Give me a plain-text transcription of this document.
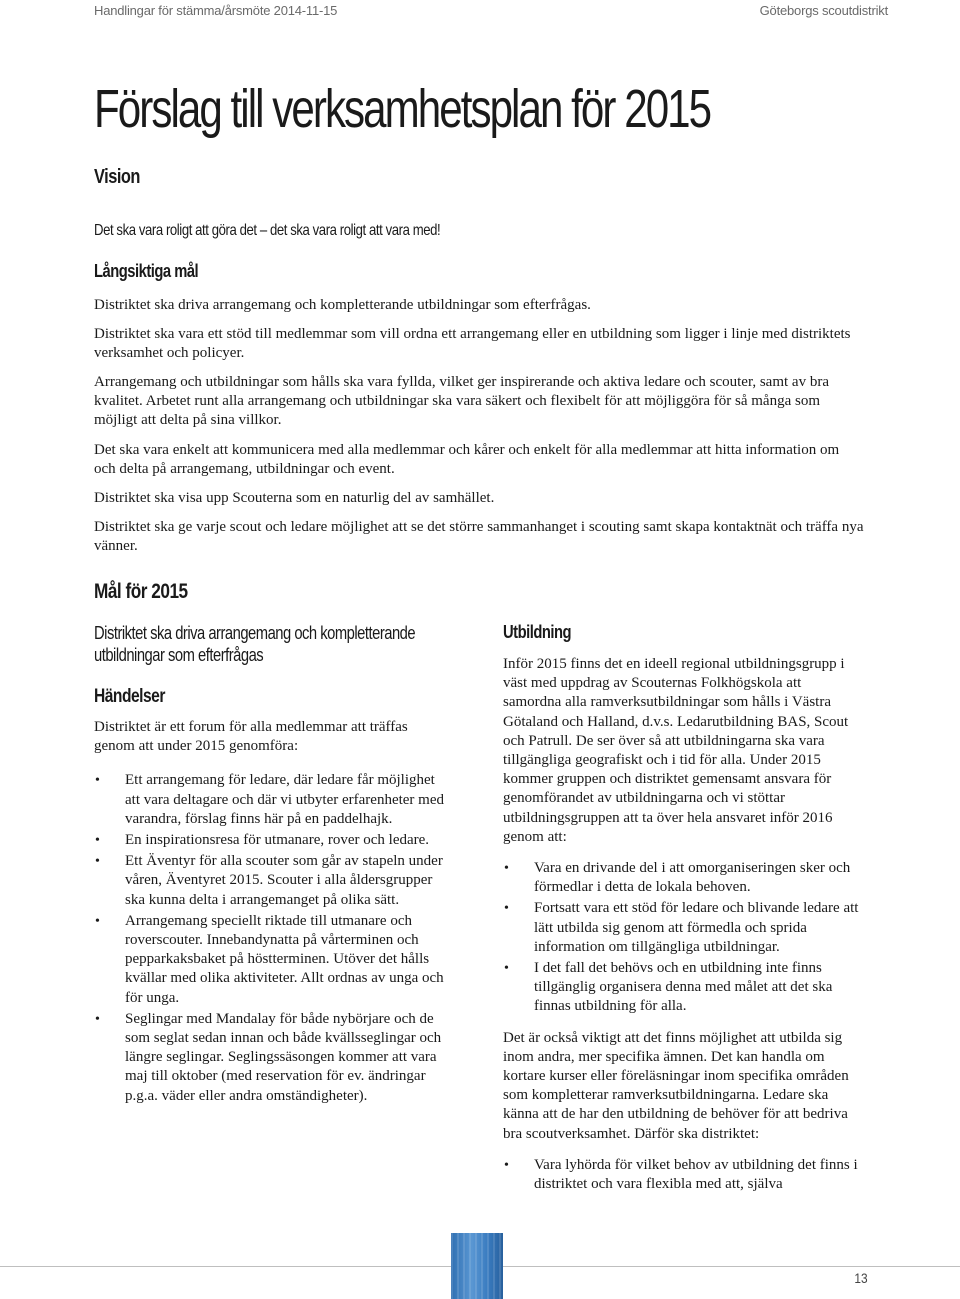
Handlingar för stämma/årsmöte 2014-11-15	Göteborgs scoutdistrikt
Förslag till verksamhetsplan för 2015
Vision

Det ska vara roligt att göra det – det ska vara roligt att vara med!

Långsiktiga mål

Distriktet ska driva arrangemang och kompletterande utbildningar som efterfrågas.

Distriktet ska vara ett stöd till medlemmar som vill ordna ett arrangemang eller en utbildning som ligger i linje med distriktets verksamhet och policyer.

Arrangemang och utbildningar som hålls ska vara fyllda, vilket ger inspirerande och aktiva ledare och scouter, samt av bra kvalitet. Arbetet runt alla arrangemang och utbildningar ska vara säkert och flexibelt för att möjliggöra för så många som möjligt att delta på sina villkor.

Det ska vara enkelt att kommunicera med alla medlemmar och kårer och enkelt för alla medlemmar att hitta information om och delta på arrangemang, utbildningar och event.

Distriktet ska visa upp Scouterna som en naturlig del av samhället.

Distriktet ska ge varje scout och ledare möjlighet att se det större sammanhanget i scouting samt skapa kontaktnät och träffa nya vänner.

Mål för 2015

Distriktet ska driva arrangemang och kompletterande

utbildningar som efterfrågas

Händelser

Distriktet är ett forum för alla medlemmar att träffas genom att under 2015 genomföra:

• Ett arrangemang för ledare, där ledare får möjlighet att vara deltagare och där vi utbyter erfarenheter med varandra, förslag finns här på en paddelhajk.
• En inspirationsresa för utmanare, rover och ledare.
• Ett Äventyr för alla scouter som går av stapeln under våren, Äventyret 2015. Scouter i alla åldersgrupper ska kunna delta i arrangemanget på olika sätt.
• Arrangemang speciellt riktade till utmanare och roverscouter. Innebandynatta på vårterminen och pepparkaksbaket på höstterminen. Utöver det hålls kvällar med olika aktiviteter. Allt ordnas av unga och för unga.
• Seglingar med Mandalay för både nybörjare och de som seglat sedan innan och både kvällsseglingar och längre seglingar. Seglingssäsongen kommer att vara maj till oktober (med reservation för ev. ändringar p.g.a. väder eller andra omständigheter).

Utbildning

Inför 2015 finns det en ideell regional utbildningsgrupp i väst med uppdrag av Scouternas Folkhögskola att samordna alla ramverksutbildningar som hålls i Västra Götaland och Halland, d.v.s. Ledarutbildning BAS, Scout och Patrull. De ser över så att utbildningarna ska vara tillgängliga geografiskt och i tid för alla. Under 2015 kommer gruppen och distriktet gemensamt ansvara för genomförandet av utbildningarna och vi stöttar utbildningsgruppen att ta över hela ansvaret inför 2016 genom att:

• Vara en drivande del i att omorganiseringen sker och förmedlar i detta de lokala behoven.
• Fortsatt vara ett stöd för ledare och blivande ledare att lätt utbilda sig genom att förmedla och sprida information om tillgängliga utbildningar.
• I det fall det behövs och en utbildning inte finns tillgänglig organisera denna med målet att det ska finnas utbildning för alla.

Det är också viktigt att det finns möjlighet att utbilda sig inom andra, mer specifika ämnen. Det kan handla om kortare kurser eller föreläsningar inom specifika områden som kompletterar ramverksutbildningarna. Ledare ska känna att de har den utbildning de behöver för att bedriva bra scoutverksamhet. Därför ska distriktet:

• Vara lyhörda för vilket behov av utbildning det finns i distriktet och vara flexibla med att, själva
13
